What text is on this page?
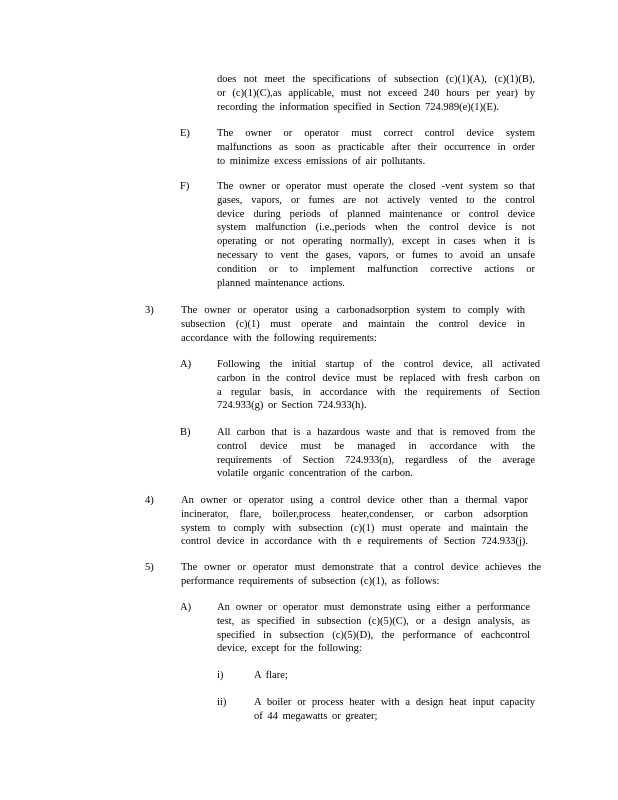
does not meet the specifications of subsection (c)(1)(A), (c)(1)(B),
or (c)(1)(C),as applicable, must not exceed 240 hours per year) by
recording the information specified in Section 724.989(e)(1)(E).
E)	The owner or operator must correct control device system
malfunctions as soon as practicable after their occurrence in order
to minimize excess emissions of air pollutants.
F)	The owner or operator must operate the closed -vent system so that
gases, vapors, or fumes are not actively vented to the control
device during periods of planned maintenance or control device
system malfunction (i.e.,periods when the control device is not
operating or not operating normally), except in cases when it is
necessary to vent the gases, vapors, or fumes to avoid an unsafe
condition or to implement malfunction corrective actions or
planned maintenance actions.
3)	The owner or operator using a carbonadsorption system to comply with
subsection (c)(1) must operate and maintain the control device in
accordance with the following requirements:
A) Following the initial startup of the control device, all activated
carbon in the control device must be replaced with fresh carbon on
a regular basis, in accordance with the requirements of Section
724.933(g) or Section 724.933(h).
B)	All carbon that is a hazardous waste and that is removed from the
control device must be managed in accordance with the
requirements of Section 724.933(n), regardless of the average
volatile organic concentration of the carbon.
4)	An owner or operator using a control device other than a thermal vapor
incinerator, flare, boiler,process heater,condenser, or carbon adsorption
system to comply with subsection (c)(1) must operate and maintain the
control device in accordance with th e requirements of Section 724.933(j).
5)	The owner or operator must demonstrate that a control device achieves the
performance requirements of subsection (c)(1), as follows:
A) An owner or operator must demonstrate using either a performance
test, as specified in subsection (c)(5)(C), or a design analysis, as
specified in subsection (c)(5)(D), the performance of eachcontrol
device, except for the following:
i)	A flare;
ii)	A boiler or process heater with a design heat input capacity
of 44 megawatts or greater;
